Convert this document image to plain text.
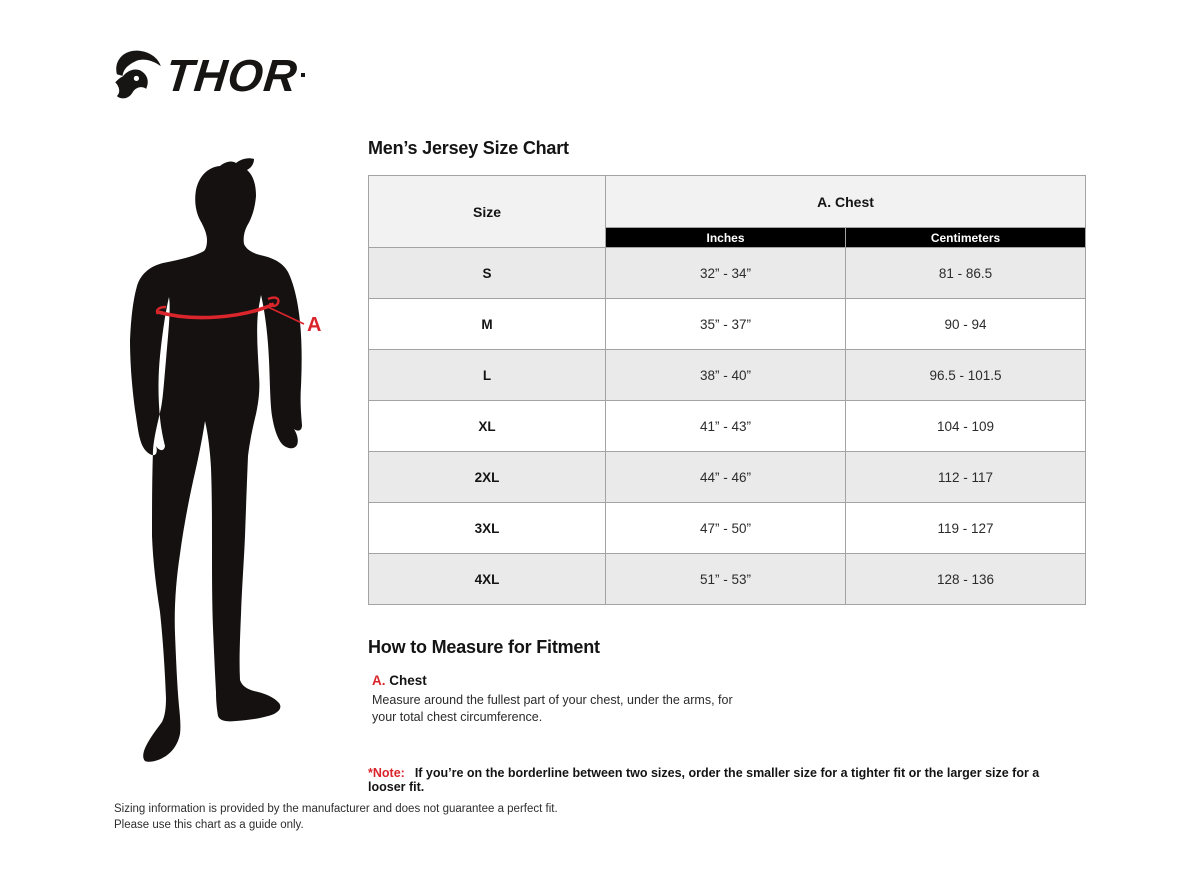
THOR
A
Men’s Jersey Size Chart
Size	A. Chest	
	Inches	Centimeters
S	32” - 34”	81 - 86.5
M	35” - 37”	90 - 94
L	38” - 40”	96.5 - 101.5
XL	41” - 43”	104 - 109
2XL	44” - 46”	112 - 117
3XL	47” - 50”	119 - 127
4XL	51” - 53”	128 - 136
How to Measure for Fitment
A. Chest
Measure around the fullest part of your chest, under the arms, for your total chest circumference.
*Note: If you’re on the borderline between two sizes, order the smaller size for a tighter fit or the larger size for a looser fit.
Sizing information is provided by the manufacturer and does not guarantee a perfect fit.
Please use this chart as a guide only.
